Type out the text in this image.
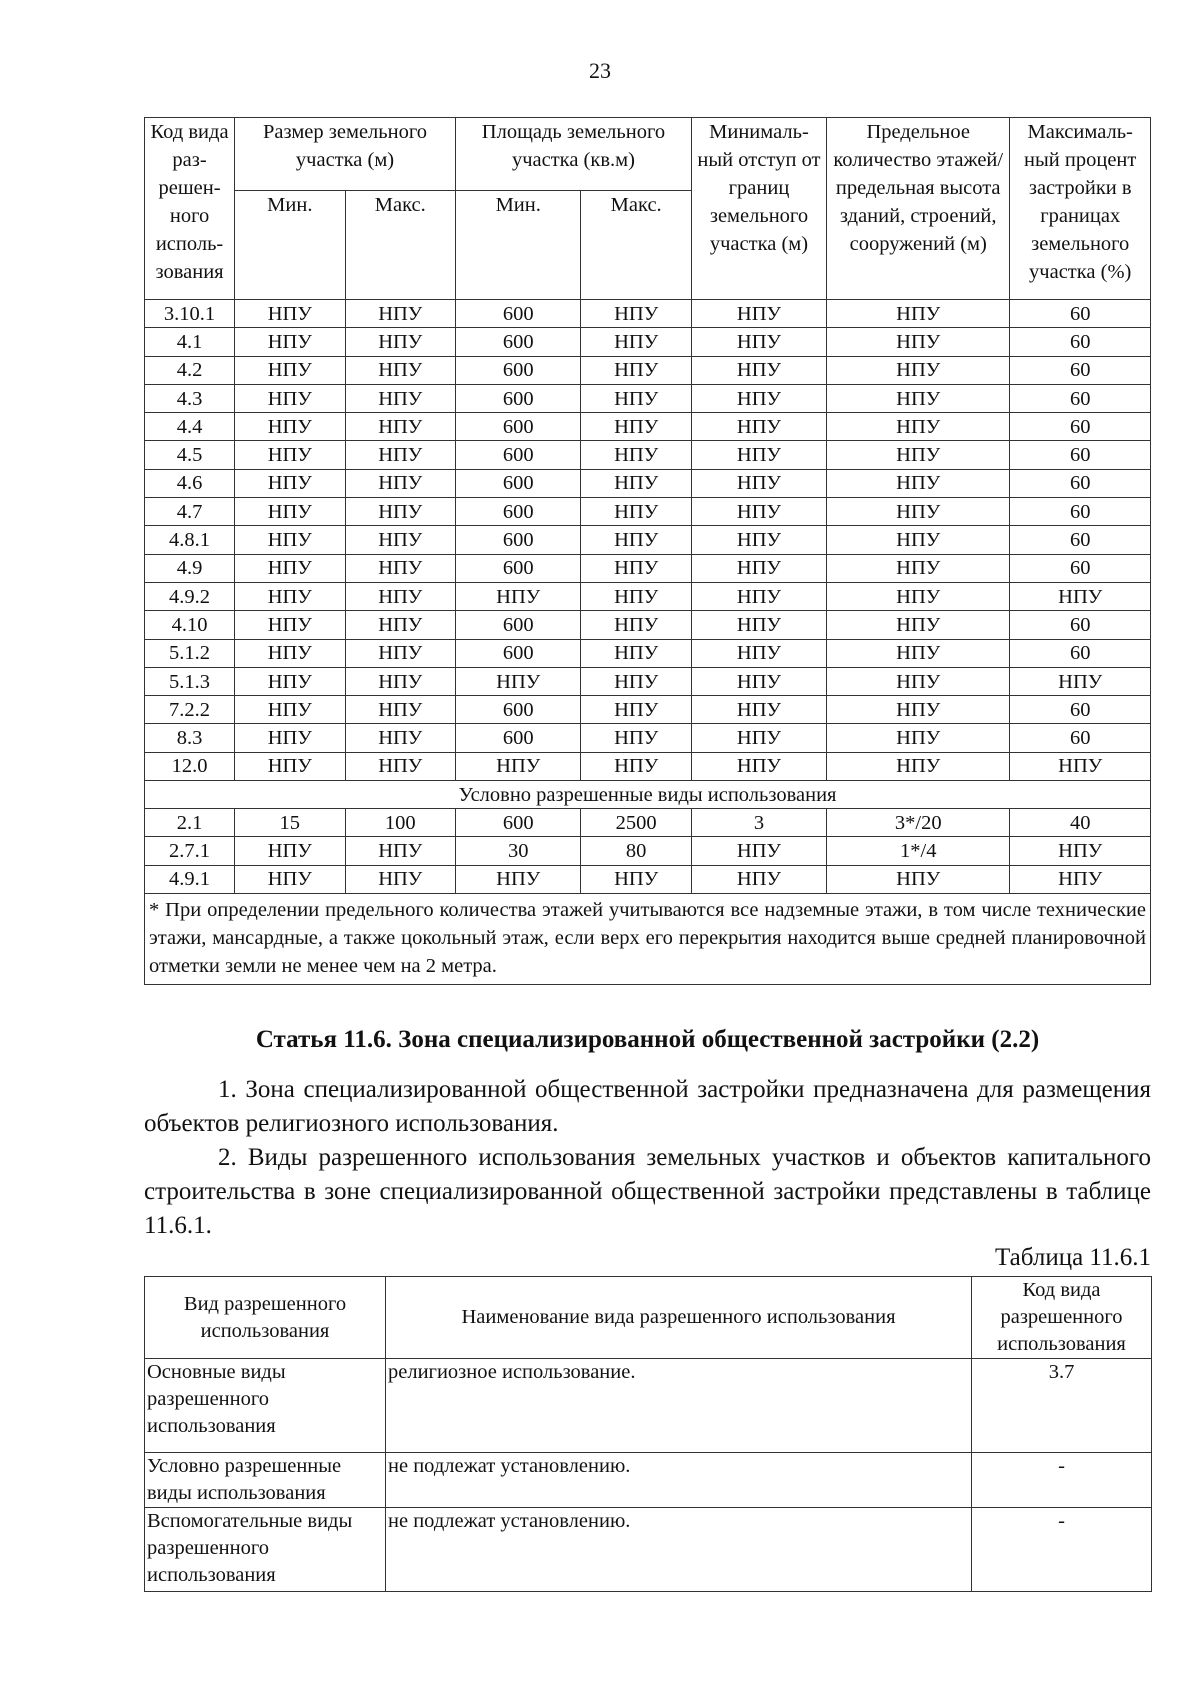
23
Код вида раз-решен-ного исполь-зования	Размер земельного участка (м)		Площадь земельного участка (кв.м)		Минималь-ный отступ от границ земельного участка (м)	Предельное количество этажей/ предельная высота зданий, строений, сооружений (м)	Максималь-ный процент застройки в границах земельного участка (%)
	Мин.	Макс.	Мин.	Макс.			
3.10.1	НПУ	НПУ	600	НПУ	НПУ	НПУ	60
4.1	НПУ	НПУ	600	НПУ	НПУ	НПУ	60
4.2	НПУ	НПУ	600	НПУ	НПУ	НПУ	60
4.3	НПУ	НПУ	600	НПУ	НПУ	НПУ	60
4.4	НПУ	НПУ	600	НПУ	НПУ	НПУ	60
4.5	НПУ	НПУ	600	НПУ	НПУ	НПУ	60
4.6	НПУ	НПУ	600	НПУ	НПУ	НПУ	60
4.7	НПУ	НПУ	600	НПУ	НПУ	НПУ	60
4.8.1	НПУ	НПУ	600	НПУ	НПУ	НПУ	60
4.9	НПУ	НПУ	600	НПУ	НПУ	НПУ	60
4.9.2	НПУ	НПУ	НПУ	НПУ	НПУ	НПУ	НПУ
4.10	НПУ	НПУ	600	НПУ	НПУ	НПУ	60
5.1.2	НПУ	НПУ	600	НПУ	НПУ	НПУ	60
5.1.3	НПУ	НПУ	НПУ	НПУ	НПУ	НПУ	НПУ
7.2.2	НПУ	НПУ	600	НПУ	НПУ	НПУ	60
8.3	НПУ	НПУ	600	НПУ	НПУ	НПУ	60
12.0	НПУ	НПУ	НПУ	НПУ	НПУ	НПУ	НПУ
Условно разрешенные виды использования							
2.1	15	100	600	2500	3	3*/20	40
2.7.1	НПУ	НПУ	30	80	НПУ	1*/4	НПУ
4.9.1	НПУ	НПУ	НПУ	НПУ	НПУ	НПУ	НПУ
* При определении предельного количества этажей учитываются все надземные этажи, в том числе технические этажи, мансардные, а также цокольный этаж, если верх его перекрытия находится выше средней планировочной отметки земли не менее чем на 2 метра.							
Статья 11.6. Зона специализированной общественной застройки (2.2)

1. Зона специализированной общественной застройки предназначена для размещения объектов религиозного использования.

2. Виды разрешенного использования земельных участков и объектов капитального строительства в зоне специализированной общественной застройки представлены в таблице 11.6.1.

Таблица 11.6.1
Вид разрешенного использования	Наименование вида разрешенного использования	Код вида разрешенного использования
Основные виды разрешенного использования	религиозное использование.	3.7
Условно разрешенные виды использования	не подлежат установлению.	-
Вспомогательные виды разрешенного использования	не подлежат установлению.	-
